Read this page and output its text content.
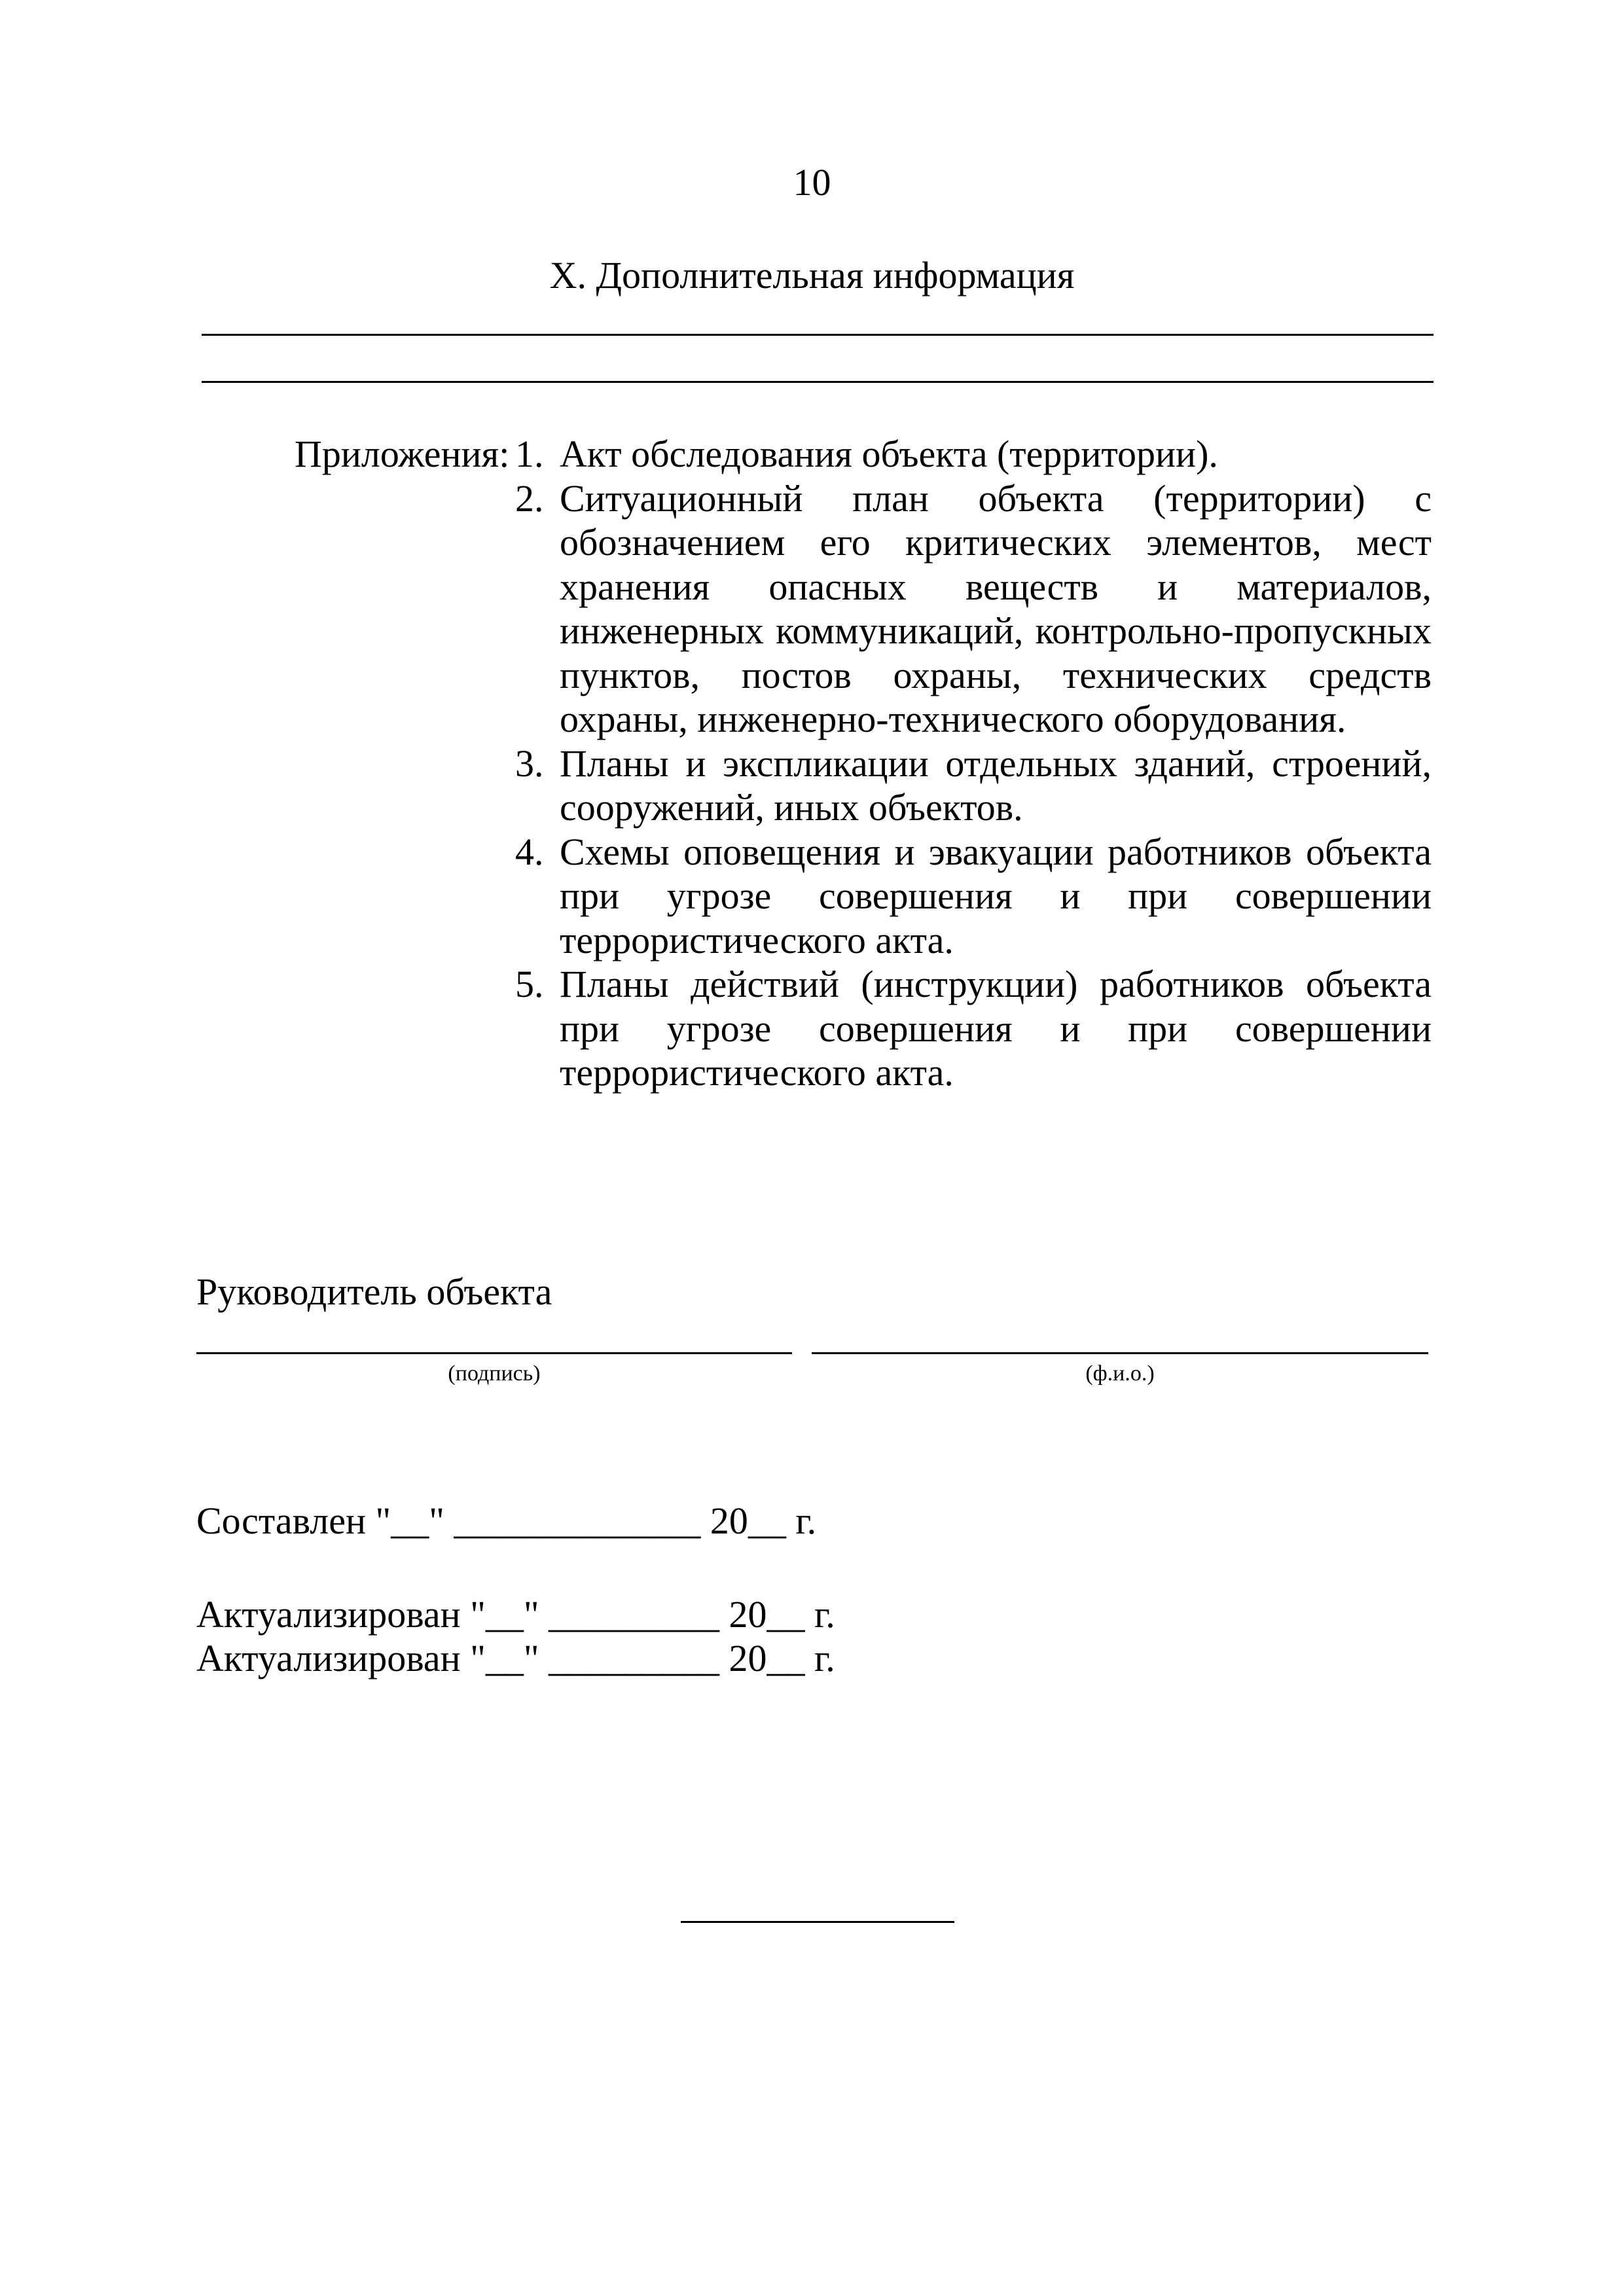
10
X. Дополнительная информация
Приложения: 1. Акт обследования объекта (территории).
2. Ситуационный план объекта (территории) с обозначением его критических элементов, мест хранения опасных веществ и материалов, инженерных коммуникаций, контрольно-пропускных пунктов, постов охраны, технических средств охраны, инженерно-технического оборудования.
3. Планы и экспликации отдельных зданий, строений, сооружений, иных объектов.
4. Схемы оповещения и эвакуации работников объекта при угрозе совершения и при совершении террористического акта.
5. Планы действий (инструкции) работников объекта при угрозе совершения и при совершении террористического акта.
Руководитель объекта
(подпись)	(ф.и.о.)
Составлен "__" _____________ 20__ г.
Актуализирован "__" _________ 20__ г.
Актуализирован "__" _________ 20__ г.
